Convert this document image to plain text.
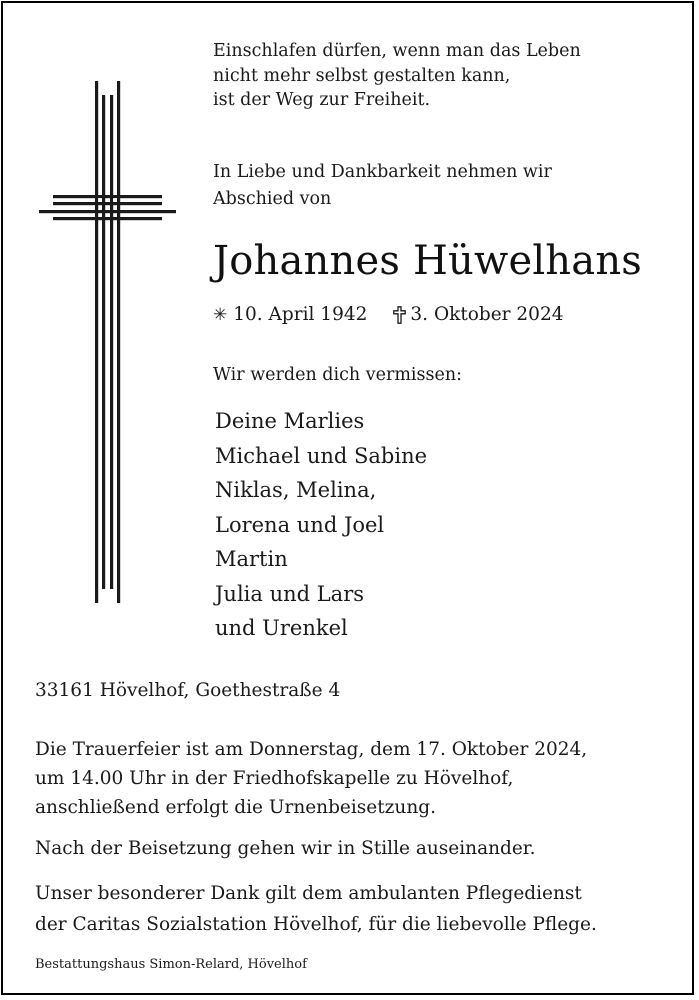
Einschlafen dürfen, wenn man das Leben
nicht mehr selbst gestalten kann,
ist der Weg zur Freiheit.
In Liebe und Dankbarkeit nehmen wir
Abschied von
Johannes Hüwelhans
✳ 10. April 1942 3. Oktober 2024
Wir werden dich vermissen:
Deine Marlies
Michael und Sabine
Niklas, Melina,
Lorena und Joel
Martin
Julia und Lars
und Urenkel
33161 Hövelhof, Goethestraße 4
Die Trauerfeier ist am Donnerstag, dem 17. Oktober 2024,
um 14.00 Uhr in der Friedhofskapelle zu Hövelhof,
anschließend erfolgt die Urnenbeisetzung.
Nach der Beisetzung gehen wir in Stille auseinander.
Unser besonderer Dank gilt dem ambulanten Pflegedienst
der Caritas Sozialstation Hövelhof, für die liebevolle Pflege.
Bestattungshaus Simon-Relard, Hövelhof
